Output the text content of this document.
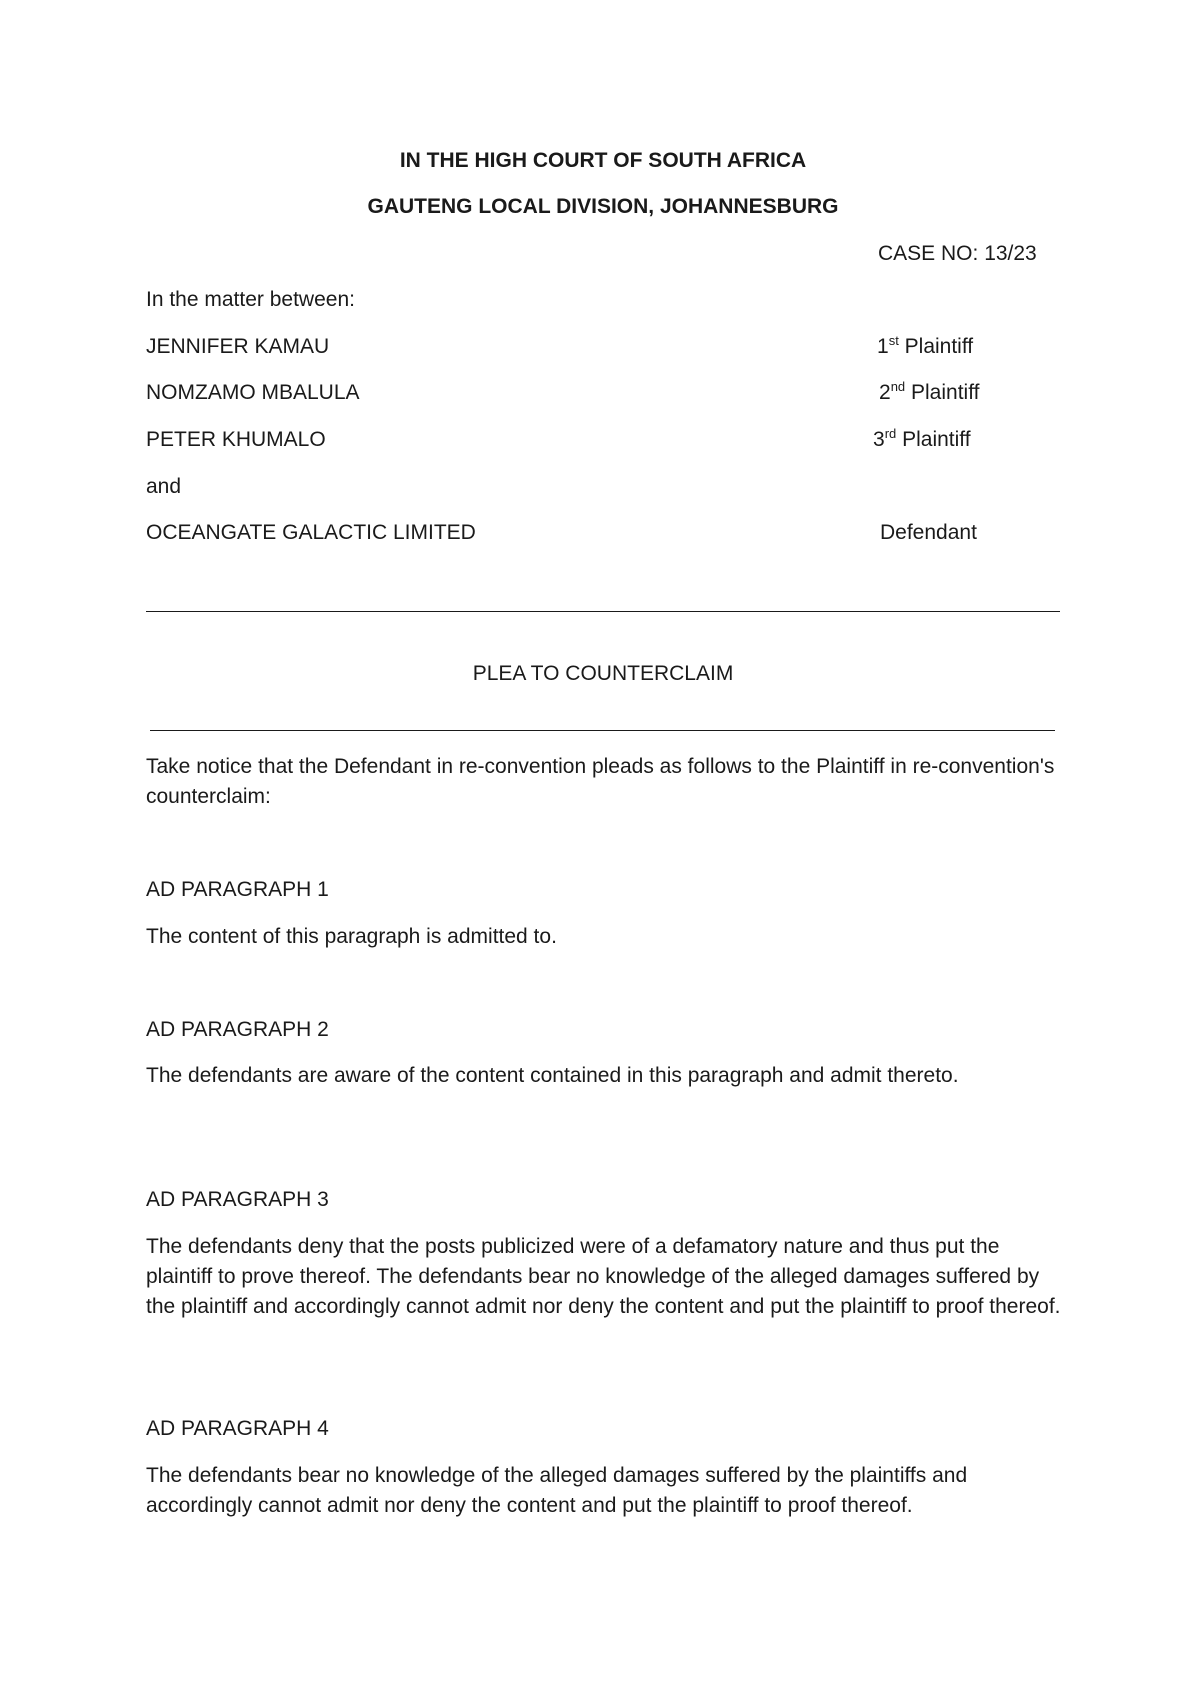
IN THE HIGH COURT OF SOUTH AFRICA
GAUTENG LOCAL DIVISION, JOHANNESBURG
CASE NO: 13/23
In the matter between:
JENNIFER KAMAU	1st Plaintiff
NOMZAMO MBALULA	2nd Plaintiff
PETER KHUMALO	3rd Plaintiff
and
OCEANGATE GALACTIC LIMITED	Defendant
PLEA TO COUNTERCLAIM
Take notice that the Defendant in re-convention pleads as follows to the Plaintiff in re-convention's counterclaim:
AD PARAGRAPH 1
The content of this paragraph is admitted to.
AD PARAGRAPH 2
The defendants are aware of the content contained in this paragraph and admit thereto.
AD PARAGRAPH 3
The defendants deny that the posts publicized were of a defamatory nature and thus put the plaintiff to prove thereof. The defendants bear no knowledge of the alleged damages suffered by the plaintiff and accordingly cannot admit nor deny the content and put the plaintiff to proof thereof.
AD PARAGRAPH 4
The defendants bear no knowledge of the alleged damages suffered by the plaintiffs and accordingly cannot admit nor deny the content and put the plaintiff to proof thereof.
